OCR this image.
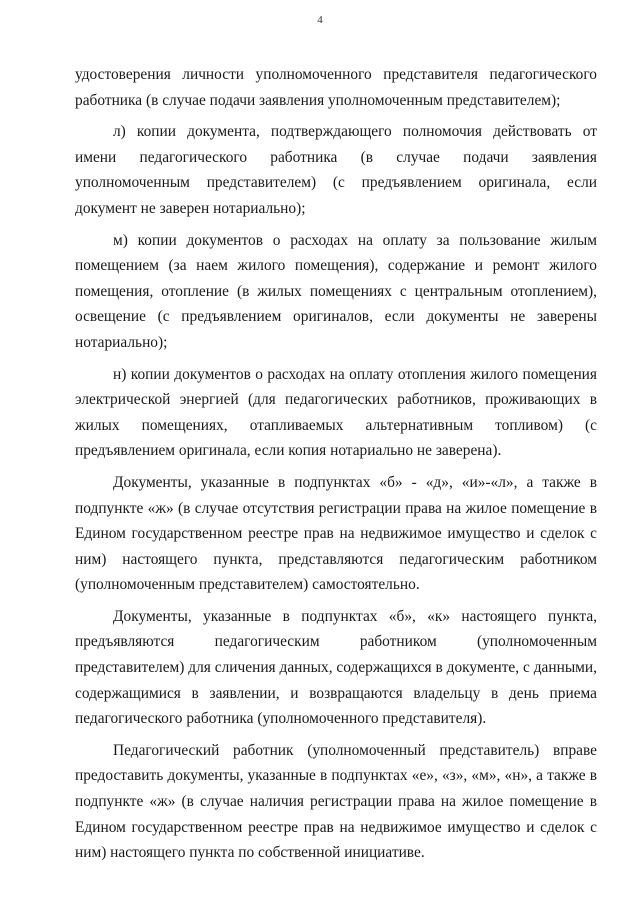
4

удостоверения личности уполномоченного представителя педагогического работника (в случае подачи заявления уполномоченным представителем);

л) копии документа, подтверждающего полномочия действовать от имени педагогического работника (в случае подачи заявления уполномоченным представителем) (с предъявлением оригинала, если документ не заверен нотариально);

м) копии документов о расходах на оплату за пользование жилым помещением (за наем жилого помещения), содержание и ремонт жилого помещения, отопление (в жилых помещениях с центральным отоплением), освещение (с предъявлением оригиналов, если документы не заверены нотариально);

н) копии документов о расходах на оплату отопления жилого помещения электрической энергией (для педагогических работников, проживающих в жилых помещениях, отапливаемых альтернативным топливом) (с предъявлением оригинала, если копия нотариально не заверена).

Документы, указанные в подпунктах «б» - «д», «и»-«л», а также в подпункте «ж» (в случае отсутствия регистрации права на жилое помещение в Едином государственном реестре прав на недвижимое имущество и сделок с ним) настоящего пункта, представляются педагогическим работником (уполномоченным представителем) самостоятельно.

Документы, указанные в подпунктах «б», «к» настоящего пункта, предъявляются педагогическим работником (уполномоченным представителем) для сличения данных, содержащихся в документе, с данными, содержащимися в заявлении, и возвращаются владельцу в день приема педагогического работника (уполномоченного представителя).

Педагогический работник (уполномоченный представитель) вправе предоставить документы, указанные в подпунктах «е», «з», «м», «н», а также в подпункте «ж» (в случае наличия регистрации права на жилое помещение в Едином государственном реестре прав на недвижимое имущество и сделок с ним) настоящего пункта по собственной инициативе.
